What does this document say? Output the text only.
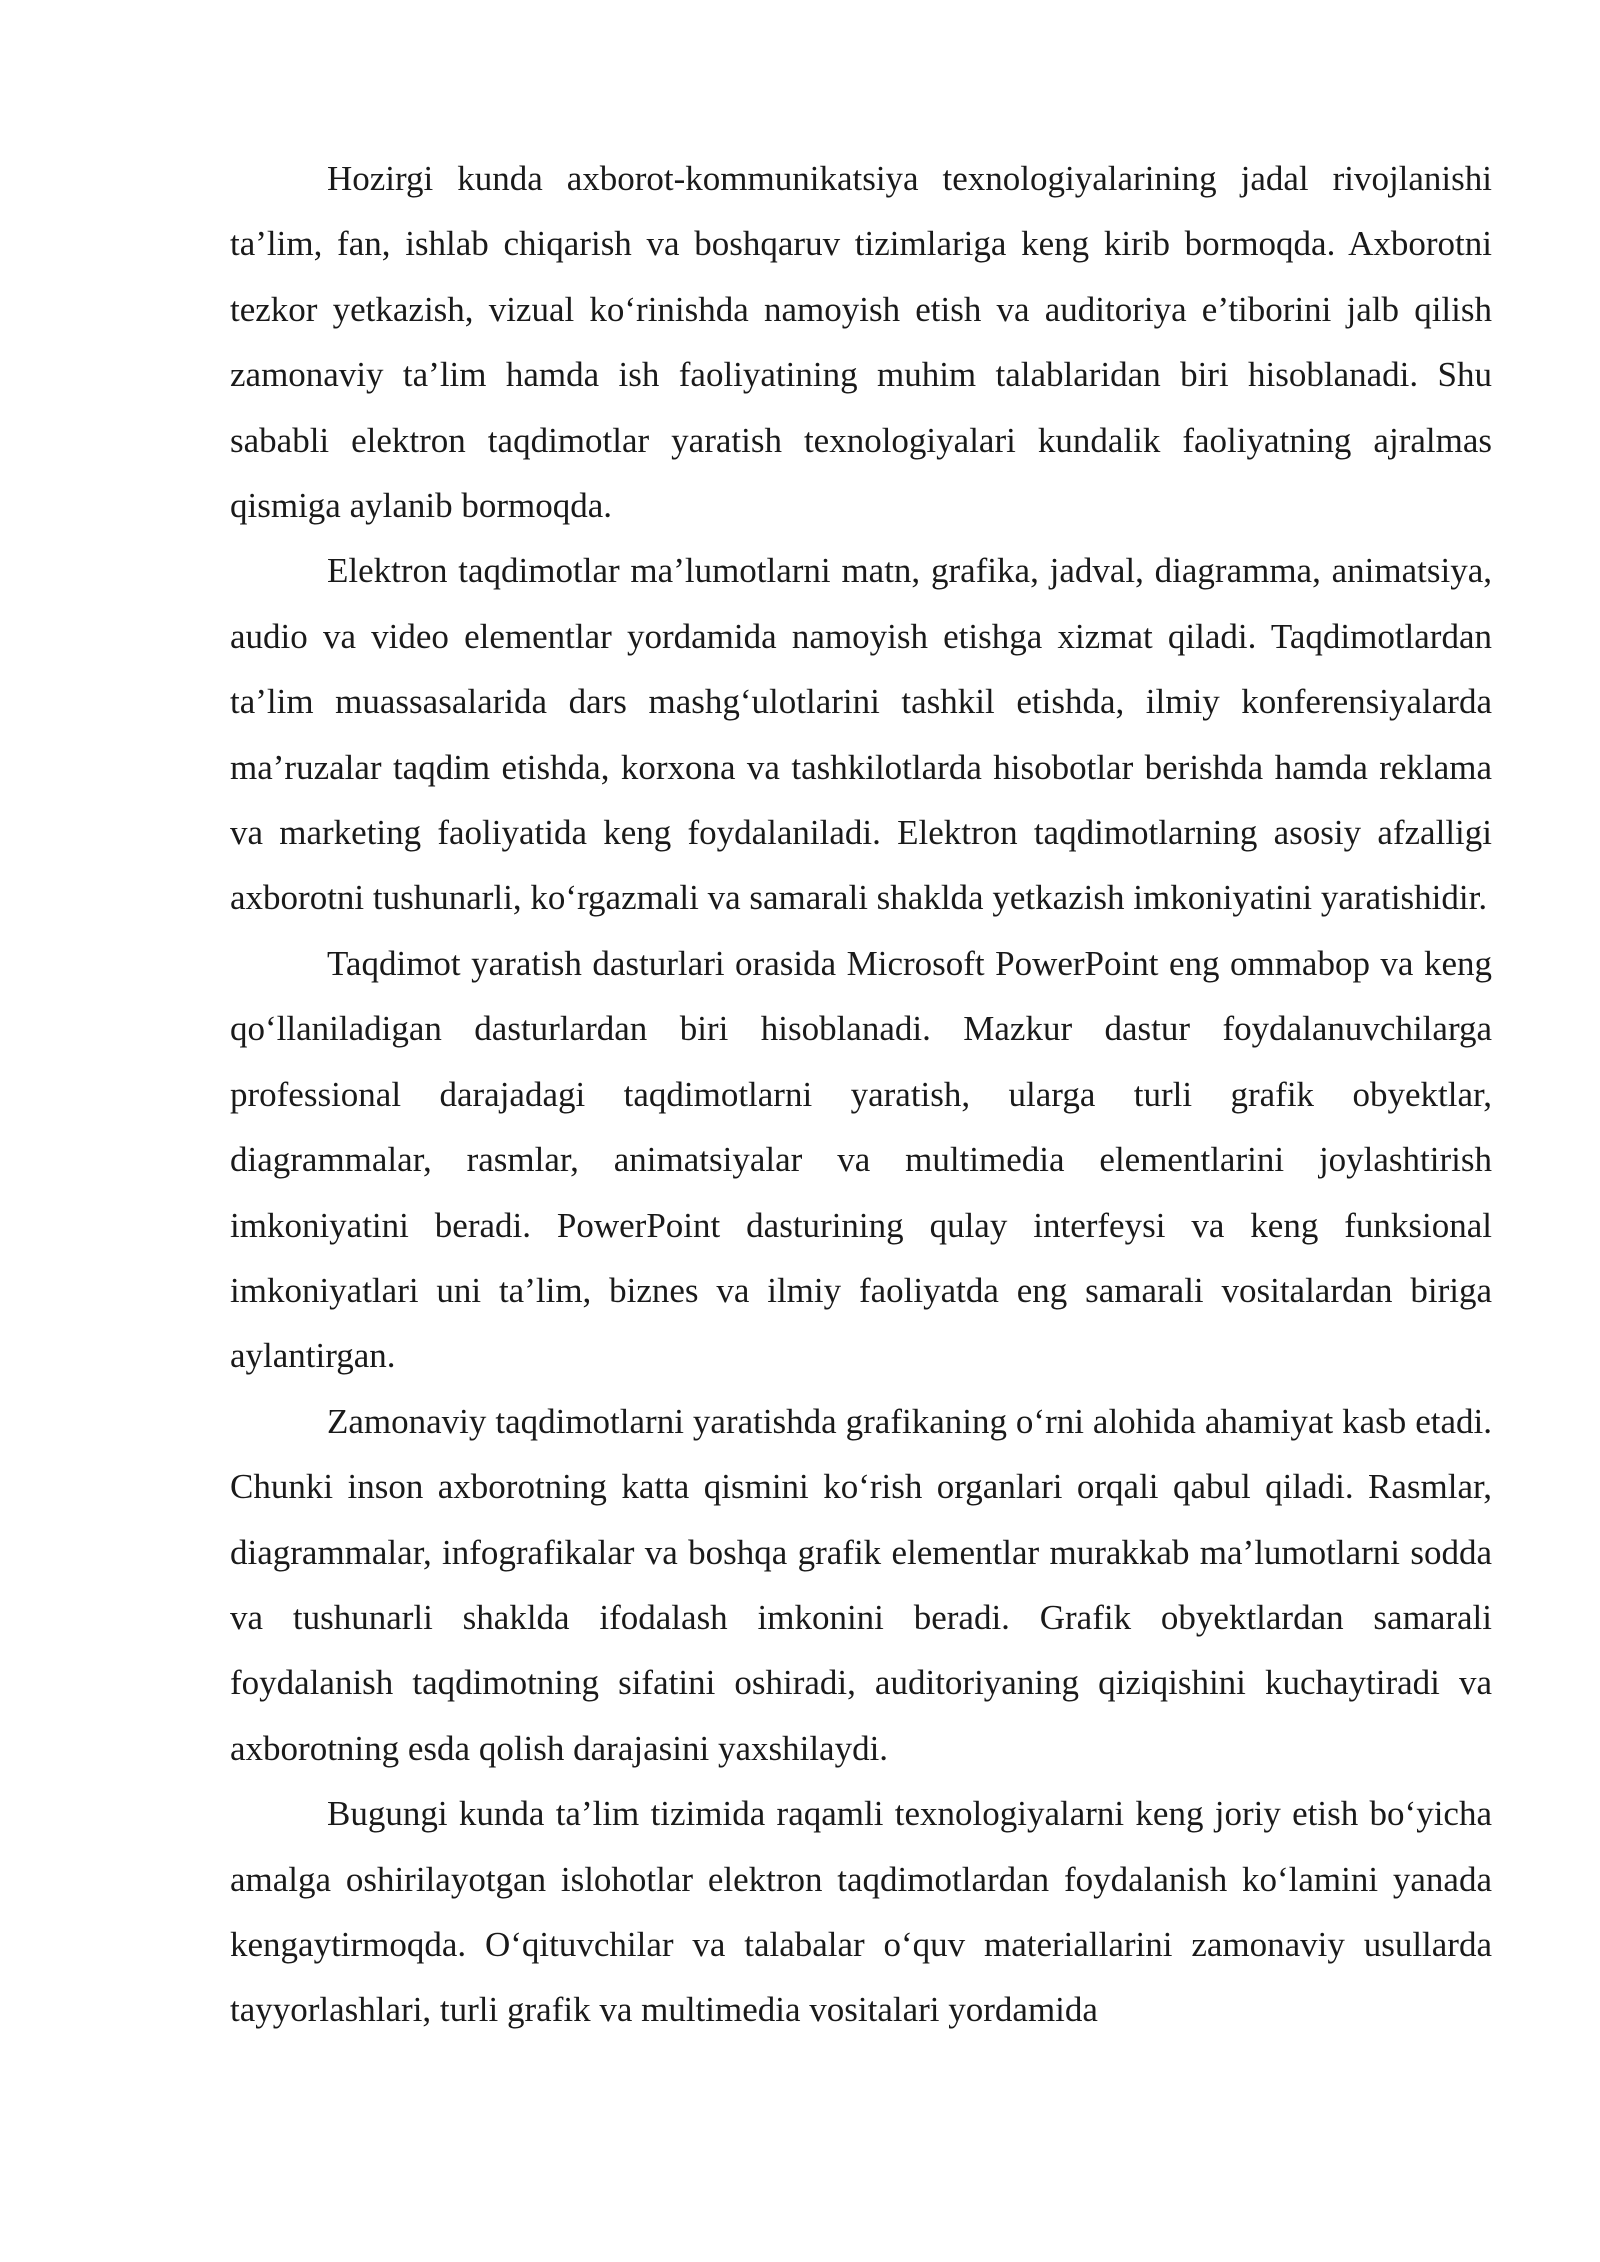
Hozirgi kunda axborot-kommunikatsiya texnologiyalarining jadal rivojlanishi ta’lim, fan, ishlab chiqarish va boshqaruv tizimlariga keng kirib bormoqda. Axborotni tezkor yetkazish, vizual ko‘rinishda namoyish etish va auditoriya e’tiborini jalb qilish zamonaviy ta’lim hamda ish faoliyatining muhim talablaridan biri hisoblanadi. Shu sababli elektron taqdimotlar yaratish texnologiyalari kundalik faoliyatning ajralmas qismiga aylanib bormoqda.

Elektron taqdimotlar ma’lumotlarni matn, grafika, jadval, diagramma, animatsiya, audio va video elementlar yordamida namoyish etishga xizmat qiladi. Taqdimotlardan ta’lim muassasalarida dars mashg‘ulotlarini tashkil etishda, ilmiy konferensiyalarda ma’ruzalar taqdim etishda, korxona va tashkilotlarda hisobotlar berishda hamda reklama va marketing faoliyatida keng foydalaniladi. Elektron taqdimotlarning asosiy afzalligi axborotni tushunarli, ko‘rgazmali va samarali shaklda yetkazish imkoniyatini yaratishidir.

Taqdimot yaratish dasturlari orasida Microsoft PowerPoint eng ommabop va keng qo‘llaniladigan dasturlardan biri hisoblanadi. Mazkur dastur foydalanuvchilarga professional darajadagi taqdimotlarni yaratish, ularga turli grafik obyektlar, diagrammalar, rasmlar, animatsiyalar va multimedia elementlarini joylashtirish imkoniyatini beradi. PowerPoint dasturining qulay interfeysi va keng funksional imkoniyatlari uni ta’lim, biznes va ilmiy faoliyatda eng samarali vositalardan biriga aylantirgan.

Zamonaviy taqdimotlarni yaratishda grafikaning o‘rni alohida ahamiyat kasb etadi. Chunki inson axborotning katta qismini ko‘rish organlari orqali qabul qiladi. Rasmlar, diagrammalar, infografikalar va boshqa grafik elementlar murakkab ma’lumotlarni sodda va tushunarli shaklda ifodalash imkonini beradi. Grafik obyektlardan samarali foydalanish taqdimotning sifatini oshiradi, auditoriyaning qiziqishini kuchaytiradi va axborotning esda qolish darajasini yaxshilaydi.

Bugungi kunda ta’lim tizimida raqamli texnologiyalarni keng joriy etish bo‘yicha amalga oshirilayotgan islohotlar elektron taqdimotlardan foydalanish ko‘lamini yanada kengaytirmoqda. O‘qituvchilar va talabalar o‘quv materiallarini zamonaviy usullarda tayyorlashlari, turli grafik va multimedia vositalari yordamida
